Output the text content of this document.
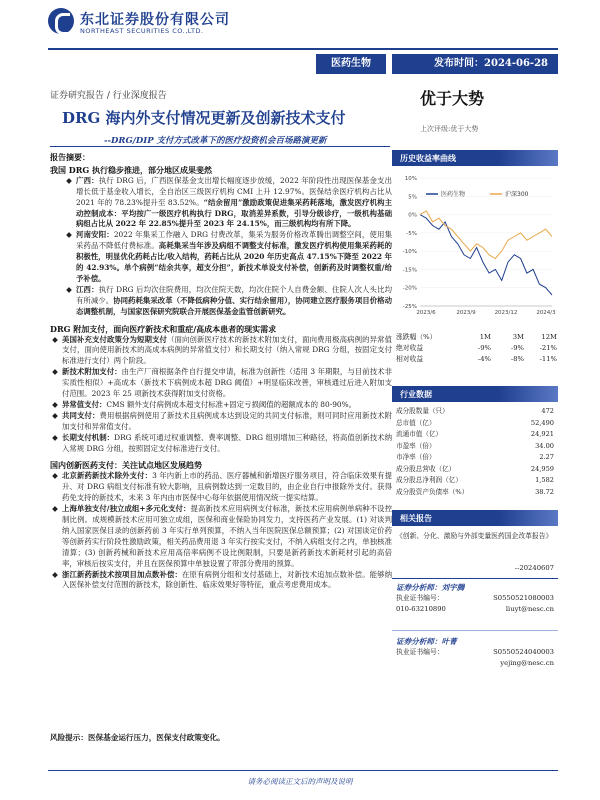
东北证券股份有限公司
NORTHEAST SECURITIES CO.,LTD.
医药生物	发布时间：2024-06-28
证券研究报告 / 行业深度报告	优于大势
上次评级:优于大势
DRG 海内外支付情况更新及创新技术支付
--DRG/DIP 支付方式改革下的医疗投资机会百场路演更新
报告摘要：
我国 DRG 执行稳步推进，部分地区成果斐然
广西：执行 DRG 后，广西医保基金支出增长幅度逐步放缓，2022 年阶段性出现医保基金支出增长低于基金收入增长，全自治区三级医疗机构 CMI 上升 12.97%。医保结余医疗机构占比从 2021 年的 78.23%提升至 83.52%。“结余留用”激励政策促进集采药耗落地，激发医疗机构主动控制成本：平均按广一级医疗机构执行 DRG，取消差异系数，引导分级诊疗，一级机构基础病组占比从 2022 年 22.85%提升至 2023 年 24.15%，而三级机构均有所下降。
河南安阳：2022 年集采工作融入 DRG 付费改革，集采为服务价格改革腾出调整空间，使用集采药品不降低付费标准。高耗集采当年涉及病组不调整支付标准，激发医疗机构使用集采药耗的积极性，明显优化药耗占比/收入结构，药耗占比从 2020 年历史高点 47.15%下降至 2022 年的 42.93%。单个病例“结余共享，超支分担”，新技术单设支付补偿，创新药及时调整权重/给予补偿。
江西：执行 DRG 后均次住院费用，均次住院天数，均次住院个人自费金额、住院人次人头比均有所减少。协同药耗集采改革（不降低病种分值、实行结余留用），协同建立医疗服务项目价格动态调整机制，与国家医保研究院联合开展医保基金监管创新研究。
DRG 附加支付，面向医疗新技术和重症/高成本患者的现实需求
美国补充支付政策分为短期支付（面向创新医疗技术的新技术附加支付，面向费用极高病例的异常值支付，面向使用新技术的高成本病例的异常值支付）和长期支付（纳入常规 DRG 分组，按固定支付标准进行支付）两个阶段。
新技术附加支付：由生产厂商根据条件自行提交申请，标准为创新性（适用 3 年期限，与目前技术非实质性相似）+高成本（新技术下病例成本超 DRG 阈值）+明显临床改善，审核通过后进入附加支付范围。2023 年 25 项新技术获得附加支付资格。
异常值支付：CMS 额外支付病例成本超支付标准+固定亏损阈值的超额成本的 80-90%。
共同支付：费用根据病例使用了新技术且病例成本达到设定的共同支付标准，则可同时应用新技术附加支付和异常值支付。
长期支付机制：DRG 系统可通过权重调整、费率调整、DRG 组别增加三种路径，将高值创新技术纳入常规 DRG 分组，按照固定支付标准进行支付。
国内创新医药支付：关注试点地区发展趋势
北京新药新技术除外支付：3 年内新上市的药品、医疗器械和新增医疗服务项目，符合临床效果有提升、对 DRG 病组支付标准有较大影响，且病例数达到一定数目的，由企业自行申报除外支付。获得药免支持的新技术，未来 3 年内由市医保中心每年依据使用情况统一提实结算。
上海单独支付/独立成组+多元化支付：提高新技术应用病例支付标准，新技术应用病例单病种不设控制比例。成规模新技术应用可独立成组，医保和商业保险协同发力，支持医药产业发展。(1) 对谈判纳入国家医保目录的创新药前 3 年实行单列预算，不纳入当年医院医保总额预算；(2) 对国谈定价药等创新药实行阶段性激励政策，相关药品费用退 3 年实行按实支付，不纳入病组支付之内，单独核准清算；(3) 创新药械和新技术应用高倍率病例不设比例限制，只要是新药新技术新耗材引起的高倍率，审核后按实支付，并且在医保预算中单独设置了带部分费用的预算。
浙江新药新技术按项目加点数补偿：在原有病例分组和支付基础上，对新技术追加点数补偿。能够纳入医保补偿支付范围的新技术，除创新性、临床效果好等特征，重点考虑费用成本。
风险提示：医保基金运行压力，医保支付政策变化。
请务必阅读正文后的声明及说明
历史收益率曲线
10%
5%
0%
-5%
-10%
-15%
-20%
-25%
2023/6	2023/9	2023/12	2024/3
医药生物	沪深300
涨跌幅（%）	1M	3M	12M
绝对收益	-9%	-9%	-21%
相对收益	-4%	-8%	-11%
行业数据
成分股数量（只）	472
总市值（亿）	52,490
流通市值（亿）	24,921
市盈率（倍）	34.00
市净率（倍）	2.27
成分股总营收（亿）	24,959
成分股总净利润（亿）	1,582
成分股资产负债率（%）	38.72
相关报告
《创新、分化、激励与外部变量医药国企改革报告》
--20240607
证券分析师：刘宇腾
执业证书编号：	S0550521080003
010-63210890	liuyt@nesc.cn
证券分析师：叶菁
执业证书编号：	S0550524040003
yejing@nesc.cn
